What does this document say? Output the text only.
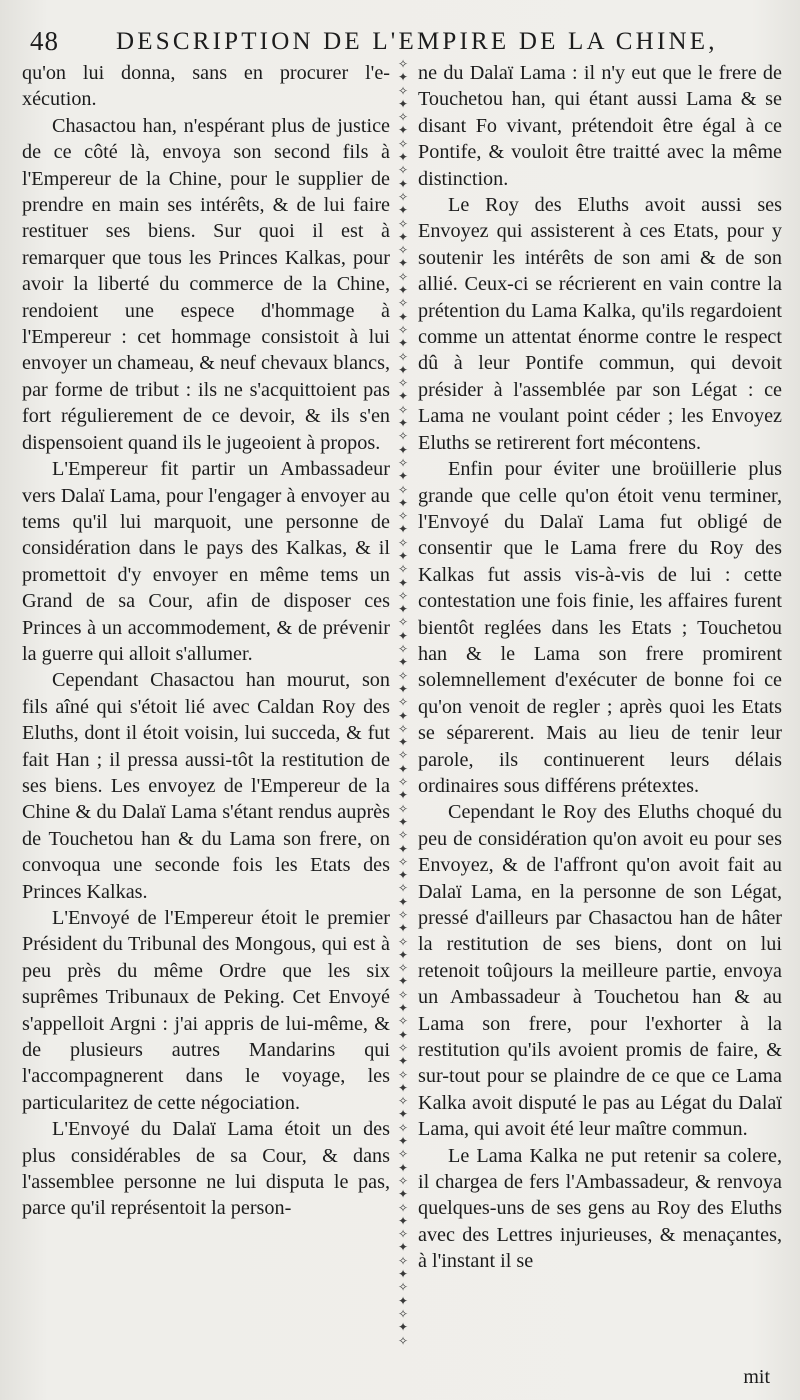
48 DESCRIPTION DE L'EMPIRE DE LA CHINE,

qu'on lui donna, sans en procurer l'e-xécution.

Chasactou han, n'espérant plus de justice de ce côté là, envoya son second fils à l'Empereur de la Chine, pour le supplier de prendre en main ses intérêts, & de lui faire restituer ses biens. Sur quoi il est à remarquer que tous les Princes Kalkas, pour avoir la liberté du commerce de la Chine, rendoient une espece d'hommage à l'Empereur : cet hommage consistoit à lui envoyer un chameau, & neuf chevaux blancs, par forme de tribut : ils ne s'acquittoient pas fort régulierement de ce devoir, & ils s'en dispensoient quand ils le jugeoient à propos.

L'Empereur fit partir un Ambassadeur vers Dalaï Lama, pour l'engager à envoyer au tems qu'il lui marquoit, une personne de considération dans le pays des Kalkas, & il promettoit d'y envoyer en même tems un Grand de sa Cour, afin de disposer ces Princes à un accommodement, & de prévenir la guerre qui alloit s'allumer.

Cependant Chasactou han mourut, son fils aîné qui s'étoit lié avec Caldan Roy des Eluths, dont il étoit voisin, lui succeda, & fut fait Han ; il pressa aussi-tôt la restitution de ses biens. Les envoyez de l'Empereur de la Chine & du Dalaï Lama s'étant rendus auprès de Touchetou han & du Lama son frere, on convoqua une seconde fois les Etats des Princes Kalkas.

L'Envoyé de l'Empereur étoit le premier Président du Tribunal des Mongous, qui est à peu près du même Ordre que les six suprêmes Tribunaux de Peking. Cet Envoyé s'appelloit Argni : j'ai appris de lui-même, & de plusieurs autres Mandarins qui l'accompagnerent dans le voyage, les particularitez de cette négociation.

L'Envoyé du Dalaï Lama étoit un des plus considérables de sa Cour, & dans l'assemblee personne ne lui disputa le pas, parce qu'il représentoit la person-

✧
✦
✧
✦
✧
✦
✧
✦
✧
✦
✧
✦
✧
✦
✧
✦
✧
✦
✧
✦
✧
✦
✧
✦
✧
✦
✧
✦
✧
✦
✧
✦
✧
✦
✧
✦
✧
✦
✧
✦
✧
✦
✧
✦
✧
✦
✧
✦
✧
✦
✧
✦
✧
✦
✧
✦
✧
✦
✧
✦
✧
✦
✧
✦
✧
✦
✧
✦
✧
✦
✧
✦
✧
✦
✧
✦
✧
✦
✧
✦
✧
✦
✧
✦
✧
✦
✧
✦
✧
✦
✧
✦
✧
✦
✧
✦
✧

ne du Dalaï Lama : il n'y eut que le frere de Touchetou han, qui étant aussi Lama & se disant Fo vivant, prétendoit être égal à ce Pontife, & vouloit être traitté avec la même distinction.

Le Roy des Eluths avoit aussi ses Envoyez qui assisterent à ces Etats, pour y soutenir les intérêts de son ami & de son allié. Ceux-ci se récrierent en vain contre la prétention du Lama Kalka, qu'ils regardoient comme un attentat énorme contre le respect dû à leur Pontife commun, qui devoit présider à l'assemblée par son Légat : ce Lama ne voulant point céder ; les Envoyez Eluths se retirerent fort mécontens.

Enfin pour éviter une broüillerie plus grande que celle qu'on étoit venu terminer, l'Envoyé du Dalaï Lama fut obligé de consentir que le Lama frere du Roy des Kalkas fut assis vis-à-vis de lui : cette contestation une fois finie, les affaires furent bientôt reglées dans les Etats ; Touchetou han & le Lama son frere promirent solemnellement d'exécuter de bonne foi ce qu'on venoit de regler ; après quoi les Etats se séparerent. Mais au lieu de tenir leur parole, ils continuerent leurs délais ordinaires sous différens prétextes.

Cependant le Roy des Eluths choqué du peu de considération qu'on avoit eu pour ses Envoyez, & de l'affront qu'on avoit fait au Dalaï Lama, en la personne de son Légat, pressé d'ailleurs par Chasactou han de hâter la restitution de ses biens, dont on lui retenoit toûjours la meilleure partie, envoya un Ambassadeur à Touchetou han & au Lama son frere, pour l'exhorter à la restitution qu'ils avoient promis de faire, & sur-tout pour se plaindre de ce que ce Lama Kalka avoit disputé le pas au Légat du Dalaï Lama, qui avoit été leur maître commun.

Le Lama Kalka ne put retenir sa colere, il chargea de fers l'Ambassadeur, & renvoya quelques-uns de ses gens au Roy des Eluths avec des Lettres injurieuses, & menaçantes, à l'instant il se

mit
